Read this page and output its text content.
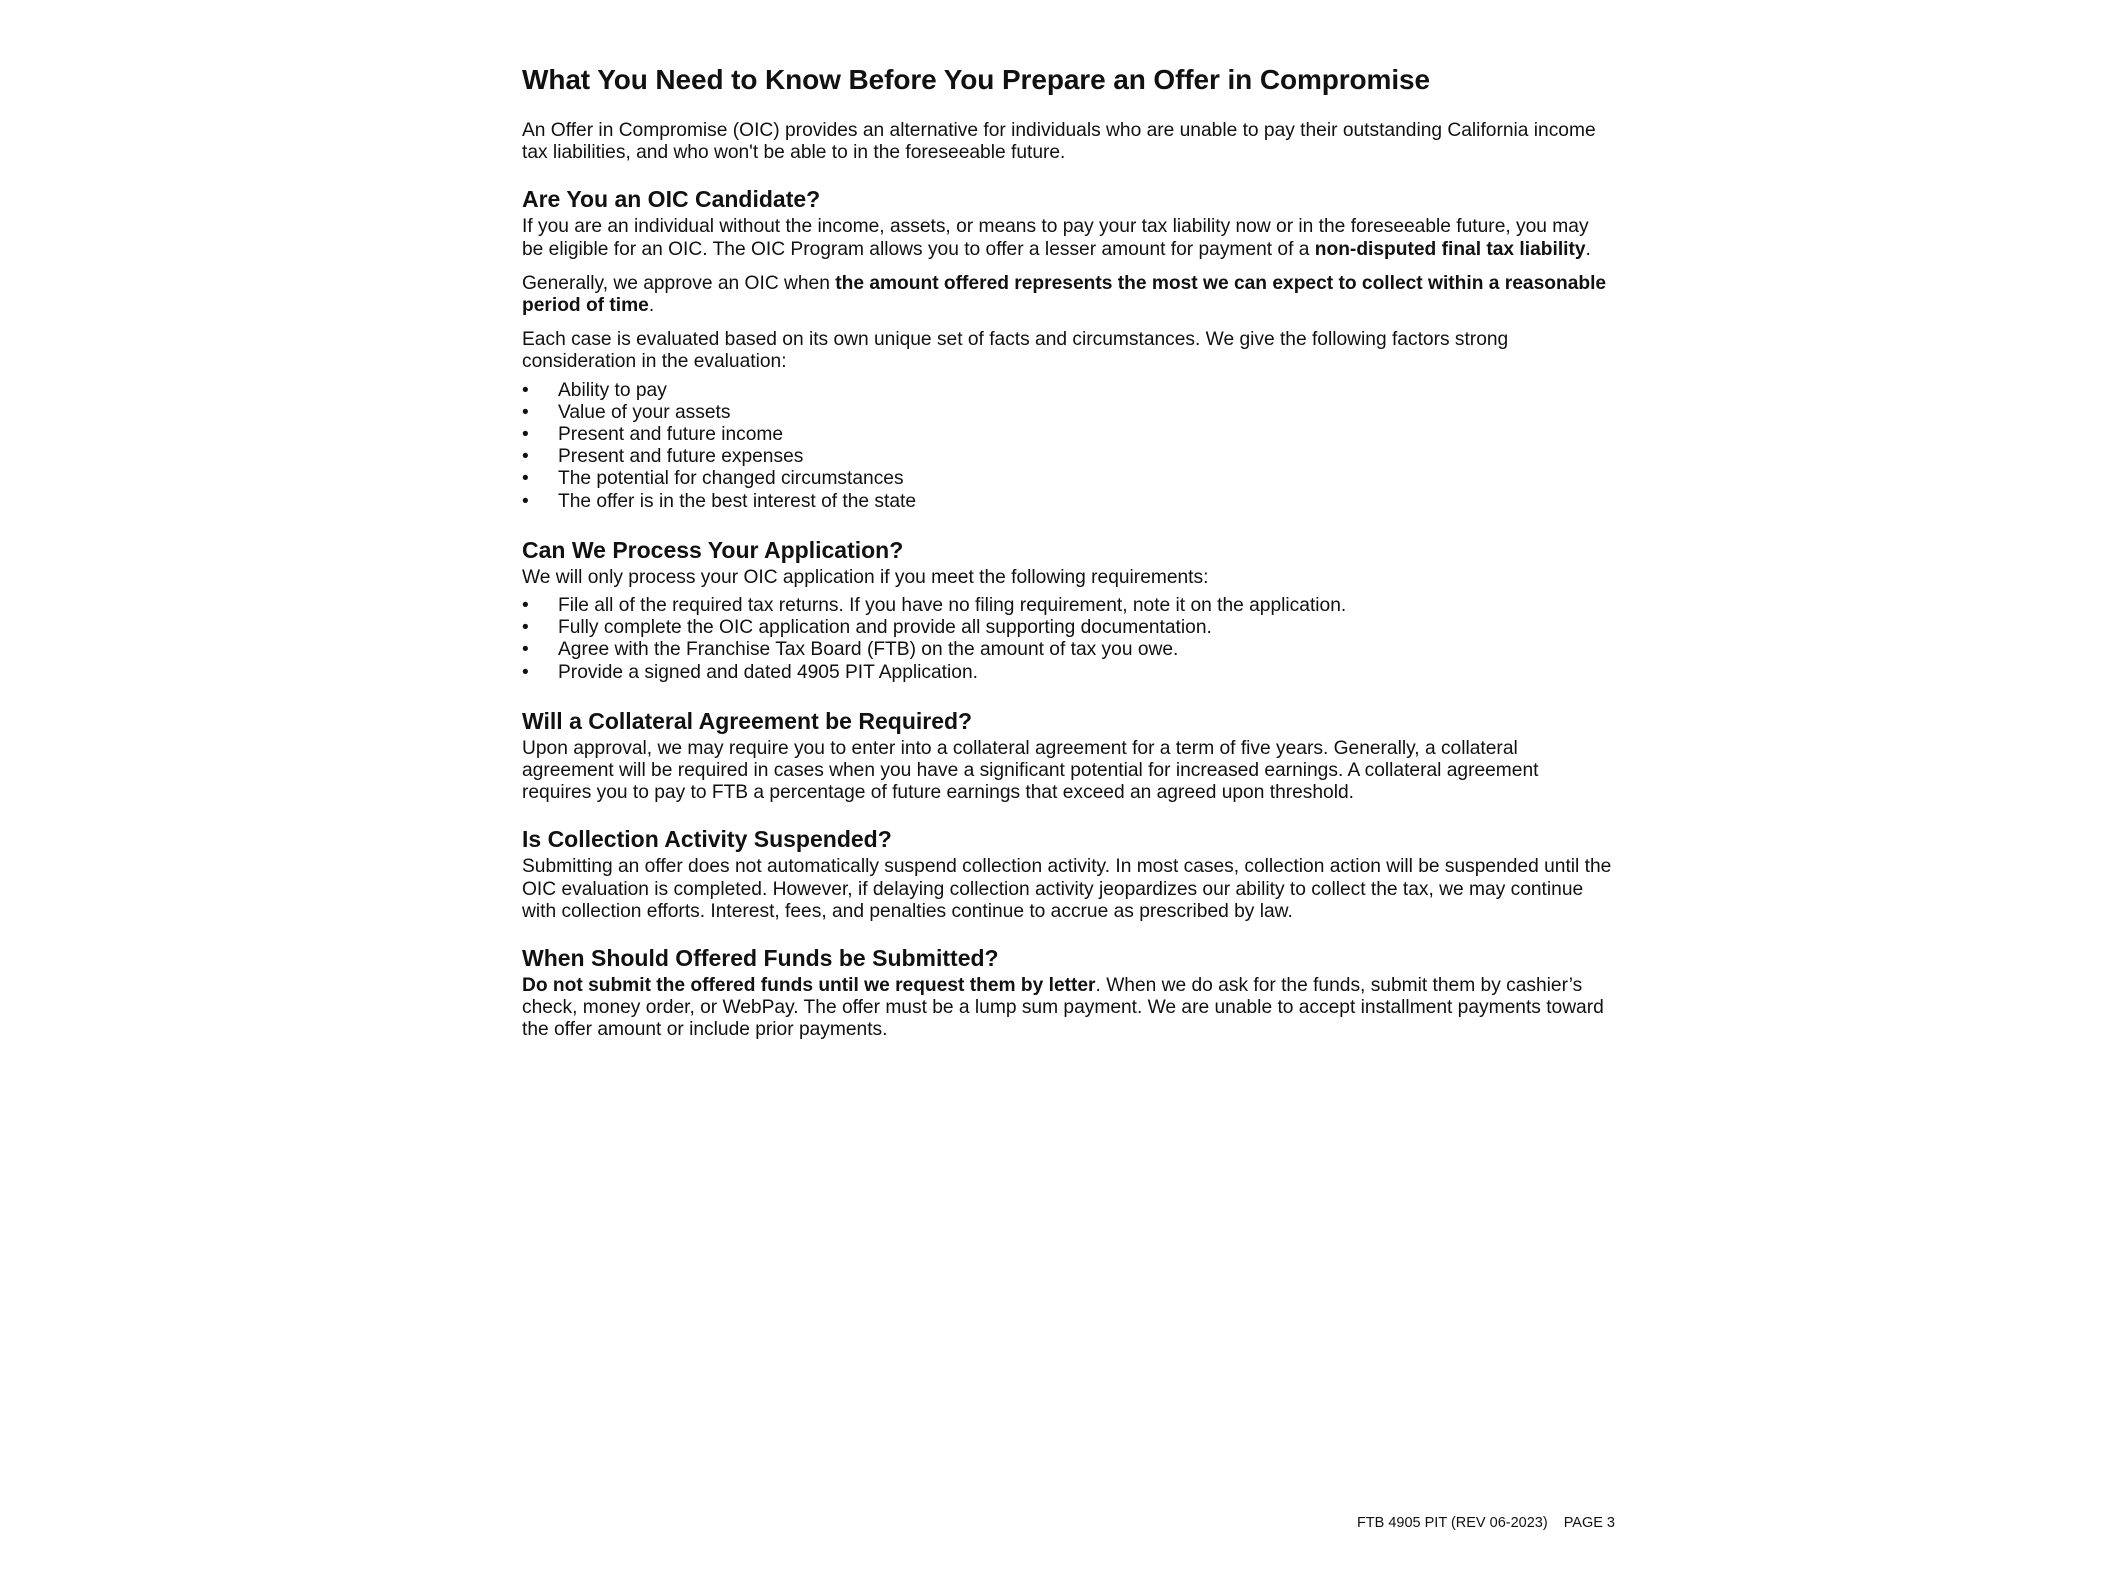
What You Need to Know Before You Prepare an Offer in Compromise

An Offer in Compromise (OIC) provides an alternative for individuals who are unable to pay their outstanding California income tax liabilities, and who won't be able to in the foreseeable future.

Are You an OIC Candidate?

If you are an individual without the income, assets, or means to pay your tax liability now or in the foreseeable future, you may be eligible for an OIC. The OIC Program allows you to offer a lesser amount for payment of a non-disputed final tax liability.

Generally, we approve an OIC when the amount offered represents the most we can expect to collect within a reasonable period of time.

Each case is evaluated based on its own unique set of facts and circumstances. We give the following factors strong consideration in the evaluation:

• Ability to pay
• Value of your assets
• Present and future income
• Present and future expenses
• The potential for changed circumstances
• The offer is in the best interest of the state
Can We Process Your Application?

We will only process your OIC application if you meet the following requirements:

• File all of the required tax returns. If you have no filing requirement, note it on the application.
• Fully complete the OIC application and provide all supporting documentation.
• Agree with the Franchise Tax Board (FTB) on the amount of tax you owe.
• Provide a signed and dated 4905 PIT Application.
Will a Collateral Agreement be Required?

Upon approval, we may require you to enter into a collateral agreement for a term of five years. Generally, a collateral agreement will be required in cases when you have a significant potential for increased earnings. A collateral agreement requires you to pay to FTB a percentage of future earnings that exceed an agreed upon threshold.

Is Collection Activity Suspended?

Submitting an offer does not automatically suspend collection activity. In most cases, collection action will be suspended until the OIC evaluation is completed. However, if delaying collection activity jeopardizes our ability to collect the tax, we may continue with collection efforts. Interest, fees, and penalties continue to accrue as prescribed by law.

When Should Offered Funds be Submitted?

Do not submit the offered funds until we request them by letter. When we do ask for the funds, submit them by cashier’s check, money order, or WebPay. The offer must be a lump sum payment. We are unable to accept installment payments toward the offer amount or include prior payments.

FTB 4905 PIT (REV 06-2023) PAGE 3
